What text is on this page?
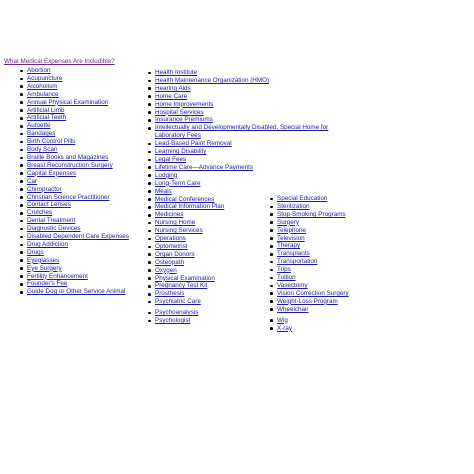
What Medical Expenses Are Includible?
Abortion
Acupuncture
Alcoholism
Ambulance
Annual Physical Examination
Artificial Limb
Artificial Teeth
Autoette
Bandages
Birth Control Pills
Body Scan
Braille Books and Magazines
Breast Reconstruction Surgery
Capital Expenses
Car
Chiropractor
Christian Science Practitioner
Contact Lenses
Crutches
Dental Treatment
Diagnostic Devices
Disabled Dependent Care Expenses
Drug Addiction
Drugs
Eyeglasses
Eye Surgery
Fertility Enhancement
Founder's Fee
Guide Dog or Other Service Animal
Health Institute
Health Maintenance Organization (HMO)
Hearing Aids
Home Care
Home Improvements
Hospital Services
Insurance Premiums
Intellectually and Developmentally Disabled, Special Home for
Laboratory Fees
Lead-Based Paint Removal
Learning Disability
Legal Fees
Lifetime Care—Advance Payments
Lodging
Long-Term Care
Meals
Medical Conferences
Medical Information Plan
Medicines
Nursing Home
Nursing Services
Operations
Optometrist
Organ Donors
Osteopath
Oxygen
Physical Examination
Pregnancy Test Kit
Prosthesis
Psychiatric Care
Psychoanalysis
Psychologist
Special Education
Sterilization
Stop-Smoking Programs
Surgery
Telephone
Television
Therapy
Transplants
Transportation
Trips
Tuition
Vasectomy
Vision Correction Surgery
Weight-Loss Program
Wheelchair
Wig
X-ray
